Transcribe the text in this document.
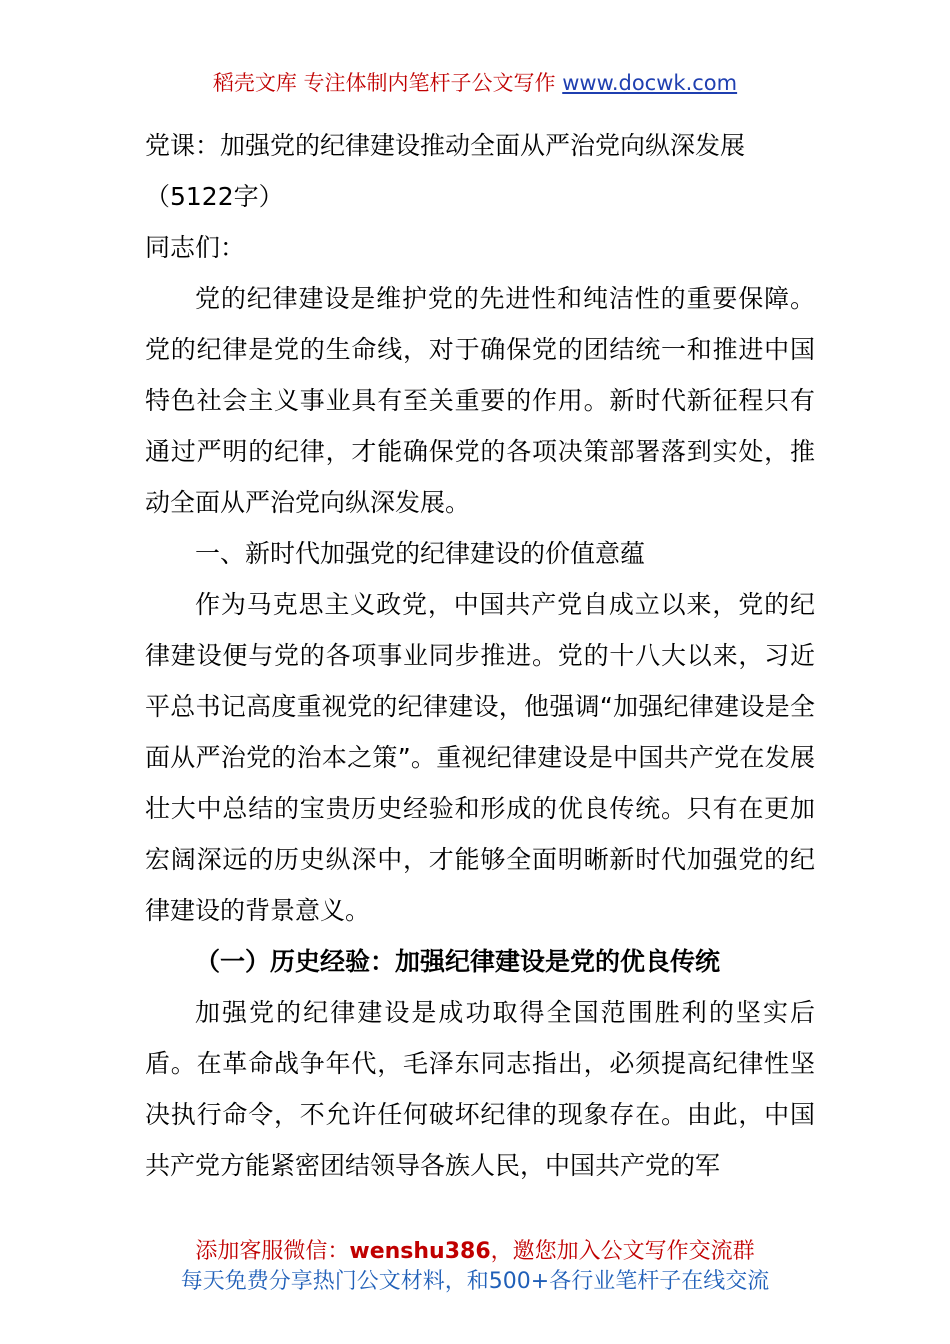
稻壳文库 专注体制内笔杆子公文写作 www.docwk.com

党课：加强党的纪律建设推动全面从严治党向纵深发展

（5122字）

同志们：

党的纪律建设是维护党的先进性和纯洁性的重要保障。党的纪律是党的生命线，对于确保党的团结统一和推进中国特色社会主义事业具有至关重要的作用。新时代新征程只有通过严明的纪律，才能确保党的各项决策部署落到实处，推动全面从严治党向纵深发展。

一、新时代加强党的纪律建设的价值意蕴

作为马克思主义政党，中国共产党自成立以来，党的纪律建设便与党的各项事业同步推进。党的十八大以来，习近平总书记高度重视党的纪律建设，他强调“加强纪律建设是全面从严治党的治本之策”。重视纪律建设是中国共产党在发展壮大中总结的宝贵历史经验和形成的优良传统。只有在更加宏阔深远的历史纵深中，才能够全面明晰新时代加强党的纪律建设的背景意义。

（一）历史经验：加强纪律建设是党的优良传统

加强党的纪律建设是成功取得全国范围胜利的坚实后盾。在革命战争年代，毛泽东同志指出，必须提高纪律性坚决执行命令，不允许任何破坏纪律的现象存在。由此，中国共产党方能紧密团结领导各族人民，中国共产党的军

添加客服微信：wenshu386，邀您加入公文写作交流群
每天免费分享热门公文材料，和500+各行业笔杆子在线交流
